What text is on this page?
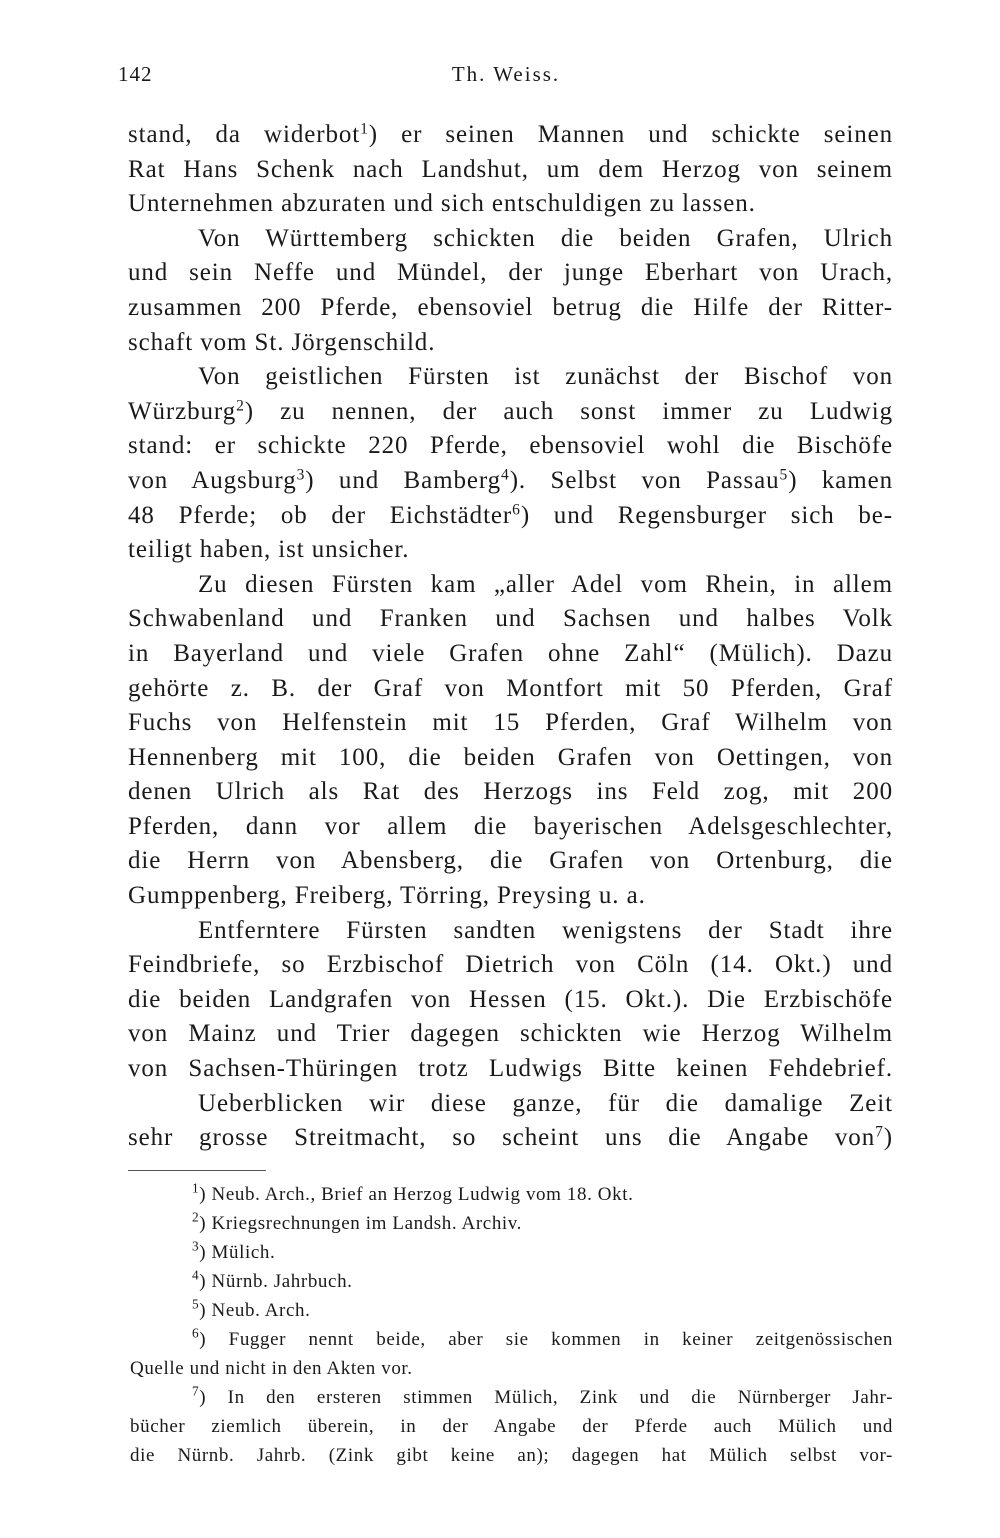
142	Th. Weiss.
stand, da widerbot$^1$) er seinen Mannen und schickte seinen
Rat Hans Schenk nach Landshut, um dem Herzog von seinem
Unternehmen abzuraten und sich entschuldigen zu lassen.
Von Württemberg schickten die beiden Grafen, Ulrich
und sein Neffe und Mündel, der junge Eberhart von Urach,
zusammen 200 Pferde, ebensoviel betrug die Hilfe der Ritter-
schaft vom St. Jörgenschild.
Von geistlichen Fürsten ist zunächst der Bischof von
Würzburg$^2$) zu nennen, der auch sonst immer zu Ludwig
stand: er schickte 220 Pferde, ebensoviel wohl die Bischöfe
von Augsburg$^3$) und Bamberg$^4$). Selbst von Passau$^5$) kamen
48 Pferde; ob der Eichstädter$^6$) und Regensburger sich be-
teiligt haben, ist unsicher.
Zu diesen Fürsten kam „aller Adel vom Rhein, in allem
Schwabenland und Franken und Sachsen und halbes Volk
in Bayerland und viele Grafen ohne Zahl“ (Mülich). Dazu
gehörte z. B. der Graf von Montfort mit 50 Pferden, Graf
Fuchs von Helfenstein mit 15 Pferden, Graf Wilhelm von
Hennenberg mit 100, die beiden Grafen von Oettingen, von
denen Ulrich als Rat des Herzogs ins Feld zog, mit 200
Pferden, dann vor allem die bayerischen Adelsgeschlechter,
die Herrn von Abensberg, die Grafen von Ortenburg, die
Gumppenberg, Freiberg, Törring, Preysing u. a.
Entferntere Fürsten sandten wenigstens der Stadt ihre
Feindbriefe, so Erzbischof Dietrich von Cöln (14. Okt.) und
die beiden Landgrafen von Hessen (15. Okt.). Die Erzbischöfe
von Mainz und Trier dagegen schickten wie Herzog Wilhelm
von Sachsen-Thüringen trotz Ludwigs Bitte keinen Fehdebrief.
Ueberblicken wir diese ganze, für die damalige Zeit
sehr grosse Streitmacht, so scheint uns die Angabe von$^7$)
$^1$) Neub. Arch., Brief an Herzog Ludwig vom 18. Okt.
$^2$) Kriegsrechnungen im Landsh. Archiv.
$^3$) Mülich.
$^4$) Nürnb. Jahrbuch.
$^5$) Neub. Arch.
$^6$) Fugger nennt beide, aber sie kommen in keiner zeitgenössischen
Quelle und nicht in den Akten vor.
$^7$) In den ersteren stimmen Mülich, Zink und die Nürnberger Jahr-
bücher ziemlich überein, in der Angabe der Pferde auch Mülich und
die Nürnb. Jahrb. (Zink gibt keine an); dagegen hat Mülich selbst vor-
